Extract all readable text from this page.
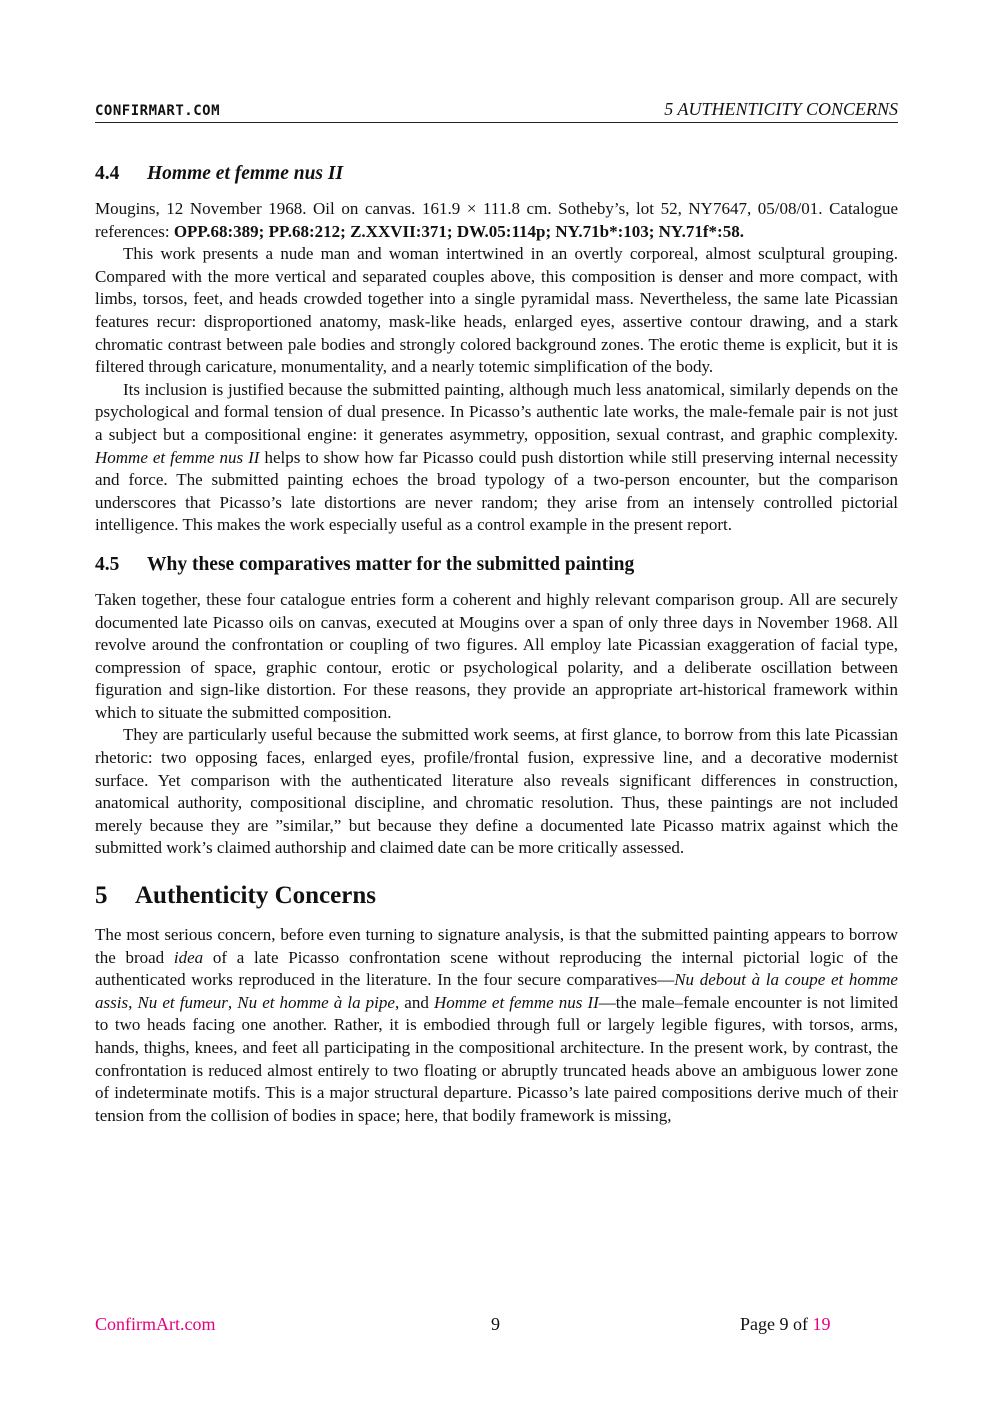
CONFIRMART.COM	5 AUTHENTICITY CONCERNS
4.4 Homme et femme nus II

Mougins, 12 November 1968. Oil on canvas. 161.9 × 111.8 cm. Sotheby’s, lot 52, NY7647, 05/08/01. Catalogue references: OPP.68:389; PP.68:212; Z.XXVII:371; DW.05:114p; NY.71b*:103; NY.71f*:58.

This work presents a nude man and woman intertwined in an overtly corporeal, almost sculptural grouping. Compared with the more vertical and separated couples above, this composition is denser and more compact, with limbs, torsos, feet, and heads crowded together into a single pyramidal mass. Nevertheless, the same late Picassian features recur: disproportioned anatomy, mask-like heads, enlarged eyes, assertive contour drawing, and a stark chromatic contrast between pale bodies and strongly colored background zones. The erotic theme is explicit, but it is filtered through caricature, monumentality, and a nearly totemic simplification of the body.

Its inclusion is justified because the submitted painting, although much less anatomical, similarly depends on the psychological and formal tension of dual presence. In Picasso’s authentic late works, the male-female pair is not just a subject but a compositional engine: it generates asymmetry, opposition, sexual contrast, and graphic complexity. Homme et femme nus II helps to show how far Picasso could push distortion while still preserving internal necessity and force. The submitted painting echoes the broad typology of a two-person encounter, but the comparison underscores that Picasso’s late distortions are never random; they arise from an intensely controlled pictorial intelligence. This makes the work especially useful as a control example in the present report.

4.5 Why these comparatives matter for the submitted painting

Taken together, these four catalogue entries form a coherent and highly relevant comparison group. All are securely documented late Picasso oils on canvas, executed at Mougins over a span of only three days in November 1968. All revolve around the confrontation or coupling of two figures. All employ late Picassian exaggeration of facial type, compression of space, graphic contour, erotic or psychological polarity, and a deliberate oscillation between figuration and sign-like distortion. For these reasons, they provide an appropriate art-historical framework within which to situate the submitted composition.

They are particularly useful because the submitted work seems, at first glance, to borrow from this late Picassian rhetoric: two opposing faces, enlarged eyes, profile/frontal fusion, expressive line, and a decorative modernist surface. Yet comparison with the authenticated literature also reveals significant differences in construction, anatomical authority, compositional discipline, and chromatic resolution. Thus, these paintings are not included merely because they are ”similar,” but because they define a documented late Picasso matrix against which the submitted work’s claimed authorship and claimed date can be more critically assessed.

5 Authenticity Concerns

The most serious concern, before even turning to signature analysis, is that the submitted painting appears to borrow the broad idea of a late Picasso confrontation scene without reproducing the internal pictorial logic of the authenticated works reproduced in the literature. In the four secure comparatives—Nu debout à la coupe et homme assis, Nu et fumeur, Nu et homme à la pipe, and Homme et femme nus II—the male–female encounter is not limited to two heads facing one another. Rather, it is embodied through full or largely legible figures, with torsos, arms, hands, thighs, knees, and feet all participating in the compositional architecture. In the present work, by contrast, the confrontation is reduced almost entirely to two floating or abruptly truncated heads above an ambiguous lower zone of indeterminate motifs. This is a major structural departure. Picasso’s late paired compositions derive much of their tension from the collision of bodies in space; here, that bodily framework is missing,

ConfirmArt.com	9	Page 9 of 19
